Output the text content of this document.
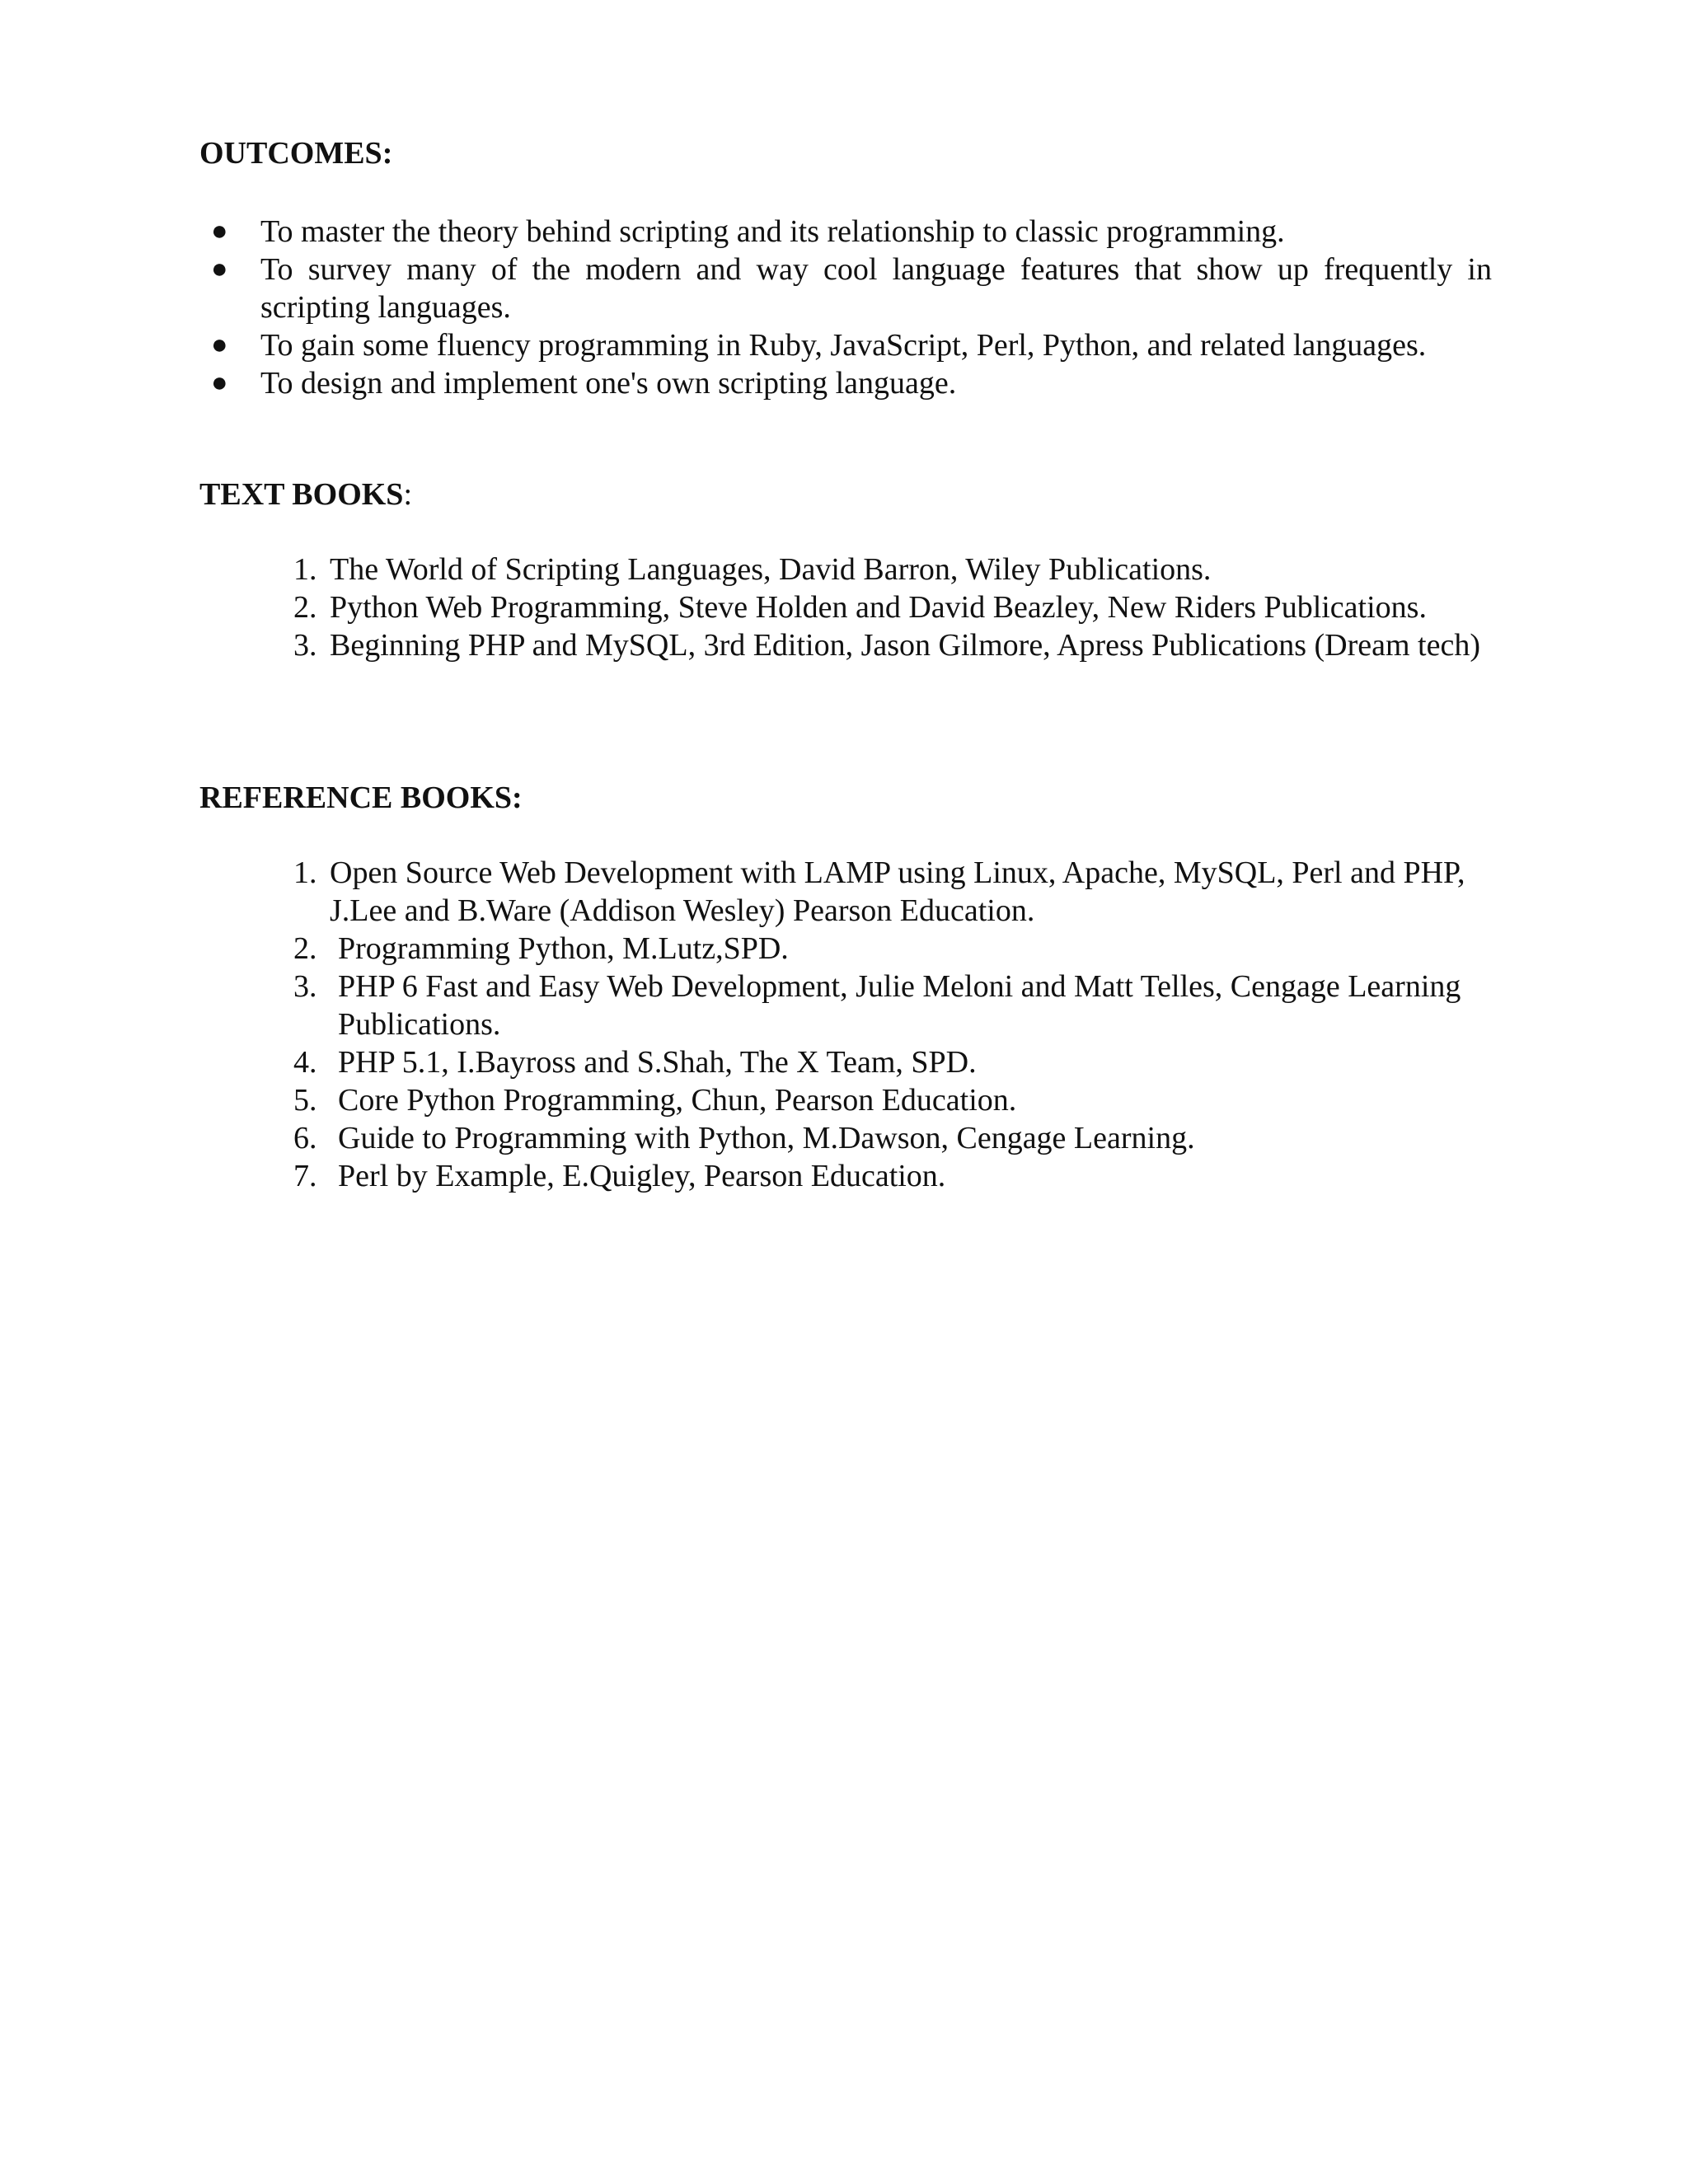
OUTCOMES:
● To master the theory behind scripting and its relationship to classic programming.
● To survey many of the modern and way cool language features that show up frequently in scripting languages.
● To gain some fluency programming in Ruby, JavaScript, Perl, Python, and related languages.
● To design and implement one's own scripting language.
TEXT BOOKS:
1. The World of Scripting Languages, David Barron, Wiley Publications.
2. Python Web Programming, Steve Holden and David Beazley, New Riders Publications.
3. Beginning PHP and MySQL, 3rd Edition, Jason Gilmore, Apress Publications (Dream tech)
REFERENCE BOOKS:
1. Open Source Web Development with LAMP using Linux, Apache, MySQL, Perl and PHP, J.Lee and B.Ware (Addison Wesley) Pearson Education.
2. Programming Python, M.Lutz,SPD.
3. PHP 6 Fast and Easy Web Development, Julie Meloni and Matt Telles, Cengage Learning Publications.
4. PHP 5.1, I.Bayross and S.Shah, The X Team, SPD.
5. Core Python Programming, Chun, Pearson Education.
6. Guide to Programming with Python, M.Dawson, Cengage Learning.
7. Perl by Example, E.Quigley, Pearson Education.
